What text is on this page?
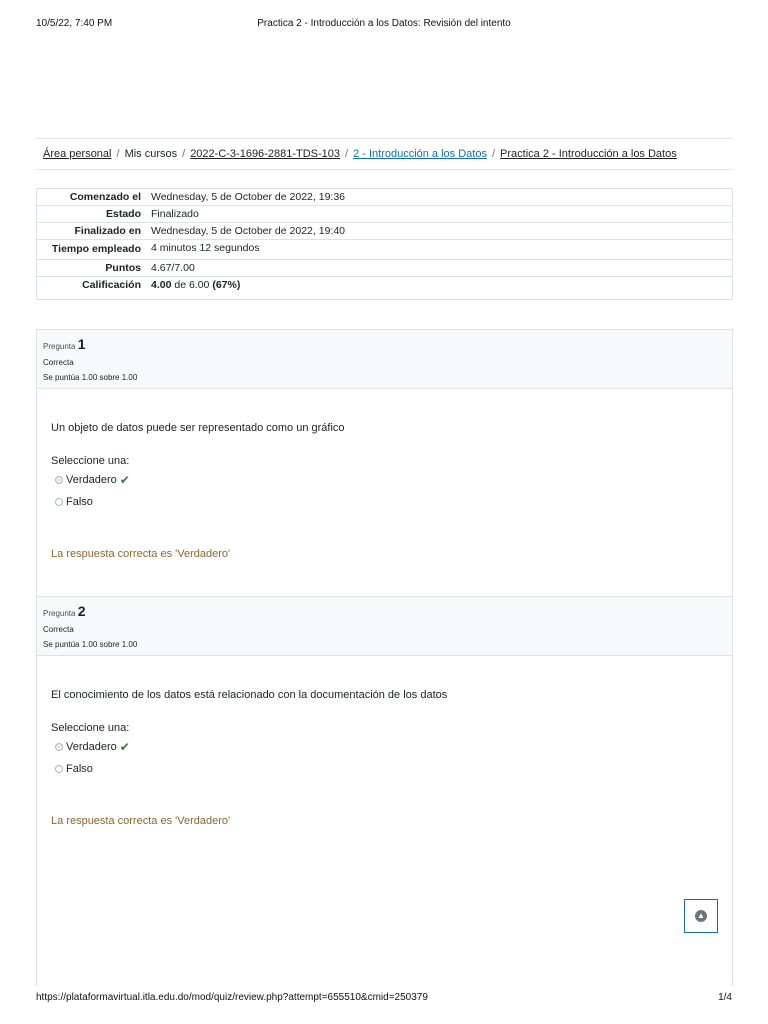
10/5/22, 7:40 PM	Practica 2 - Introducción a los Datos: Revisión del intento
Área personal / Mis cursos / 2022-C-3-1696-2881-TDS-103 / 2 - Introducción a los Datos / Practica 2 - Introducción a los Datos
Comenzado el	Wednesday, 5 de October de 2022, 19:36
Estado	Finalizado
Finalizado en	Wednesday, 5 de October de 2022, 19:40
Tiempo empleado	4 minutos 12 segundos
Puntos	4.67/7.00
Calificación	4.00 de 6.00 (67%)
Pregunta 1
Correcta
Se puntúa 1.00 sobre 1.00
Un objeto de datos puede ser representado como un gráfico
Seleccione una:
Verdadero ✔
Falso
La respuesta correcta es 'Verdadero'
Pregunta 2
Correcta
Se puntúa 1.00 sobre 1.00
El conocimiento de los datos está relacionado con la documentación de los datos
Seleccione una:
Verdadero ✔
Falso
La respuesta correcta es 'Verdadero'
▲
https://plataformavirtual.itla.edu.do/mod/quiz/review.php?attempt=655510&cmid=250379	1/4
